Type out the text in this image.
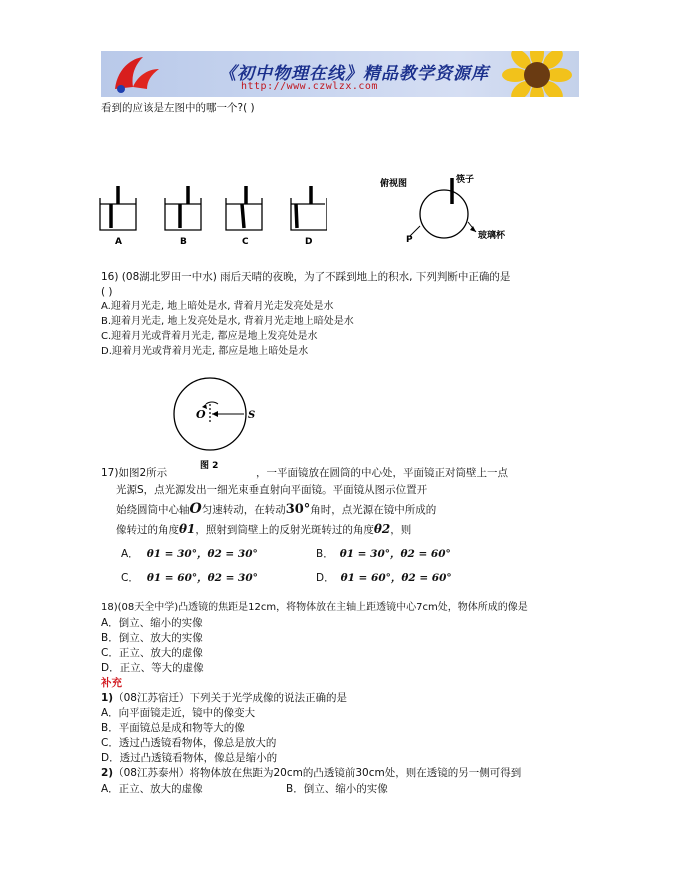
《初中物理在线》精品教学资源库
http://www.czwlzx.com
看到的应该是左图中的哪一个?( )
A	B	C	D
俯视图	筷子
玻璃杯
P
16) (08湖北罗田一中水) 雨后天晴的夜晚，为了不踩到地上的积水, 下列判断中正确的是
( )
A.迎着月光走, 地上暗处是水, 背着月光走发亮处是水
B.迎着月光走, 地上发亮处是水, 背着月光走地上暗处是水
C.迎着月光或背着月光走, 都应是地上发亮处是水
D.迎着月光或背着月光走, 都应是地上暗处是水
O	S
图 2
17)如图2所示	，一平面镜放在圆筒的中心处，平面镜正对筒壁上一点
光源S，点光源发出一细光束垂直射向平面镜。平面镜从图示位置开
始绕圆筒中心轴O匀速转动，在转动30°角时，点光源在镜中所成的
像转过的角度θ1，照射到筒壁上的反射光斑转过的角度θ2，则
A． θ1 = 30°，θ2 = 30°	B． θ1 = 30°，θ2 = 60°
C． θ1 = 60°，θ2 = 30°	D． θ1 = 60°，θ2 = 60°
18)(08天全中学)凸透镜的焦距是12cm，将物体放在主轴上距透镜中心7cm处，物体所成的像是
A．倒立、缩小的实像
B．倒立、放大的实像
C．正立、放大的虚像
D．正立、等大的虚像
补充
1)（08江苏宿迁）下列关于光学成像的说法正确的是
A．向平面镜走近，镜中的像变大
B．平面镜总是成和物等大的像
C．透过凸透镜看物体，像总是放大的
D．透过凸透镜看物体，像总是缩小的
2)（08江苏泰州）将物体放在焦距为20cm的凸透镜前30cm处，则在透镜的另一侧可得到
A．正立、放大的虚像	B．倒立、缩小的实像
